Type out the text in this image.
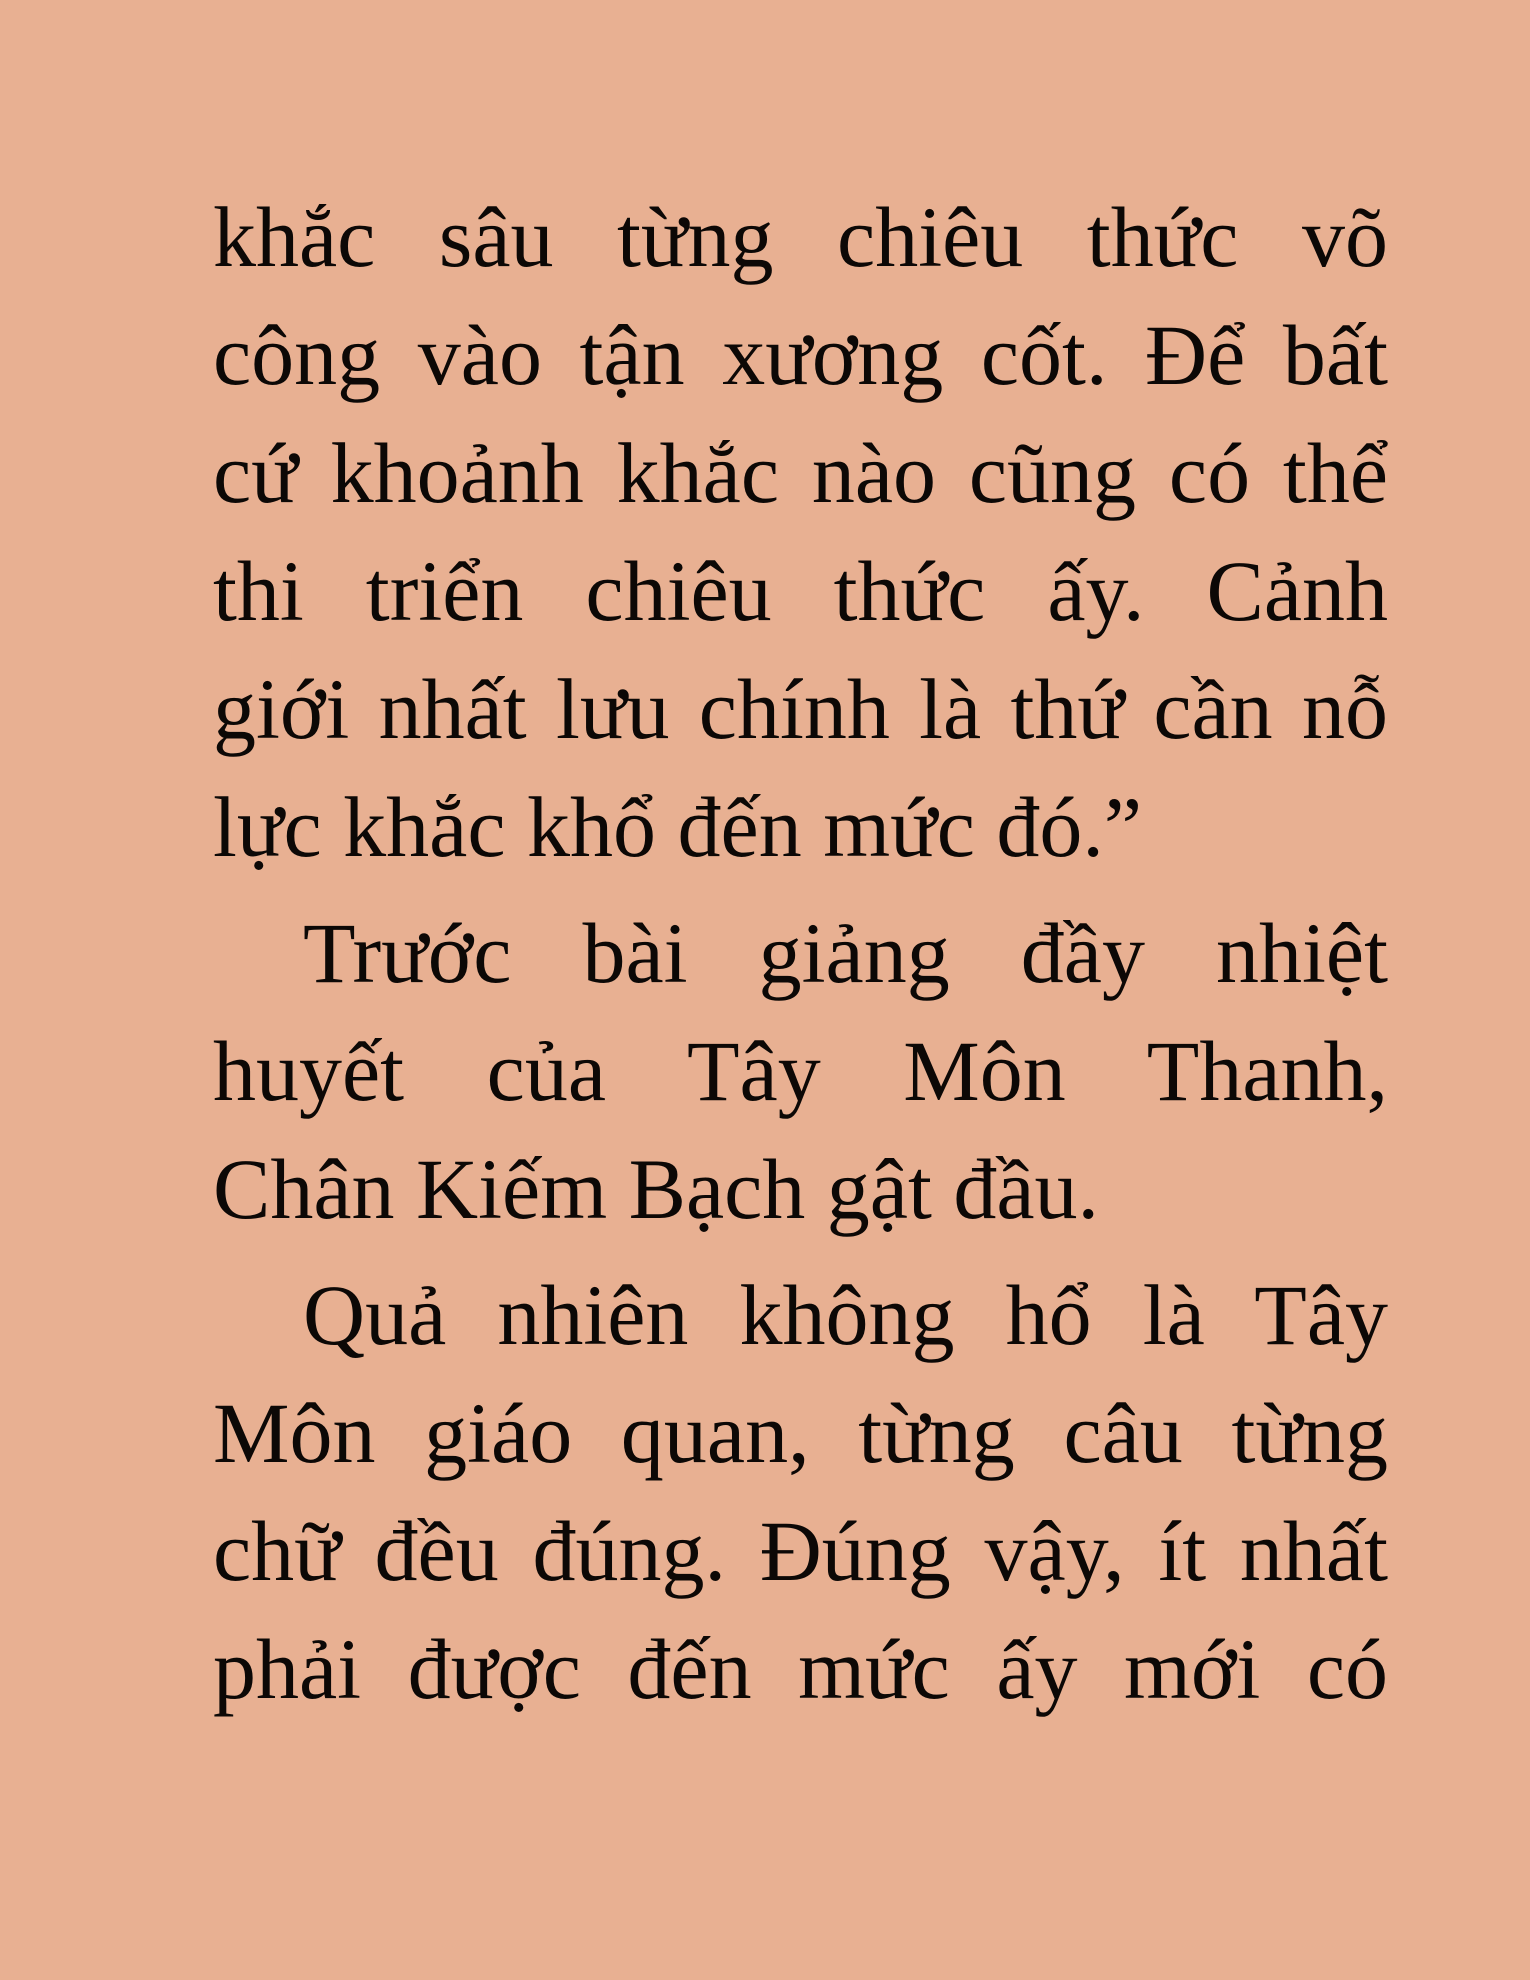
khắc sâu từng chiêu thức võ
công vào tận xương cốt. Để bất
cứ khoảnh khắc nào cũng có thể
thi triển chiêu thức ấy. Cảnh
giới nhất lưu chính là thứ cần nỗ
lực khắc khổ đến mức đó.”

Trước bài giảng đầy nhiệt
huyết của Tây Môn Thanh,
Chân Kiếm Bạch gật đầu.

Quả nhiên không hổ là Tây
Môn giáo quan, từng câu từng
chữ đều đúng. Đúng vậy, ít nhất
phải được đến mức ấy mới có
